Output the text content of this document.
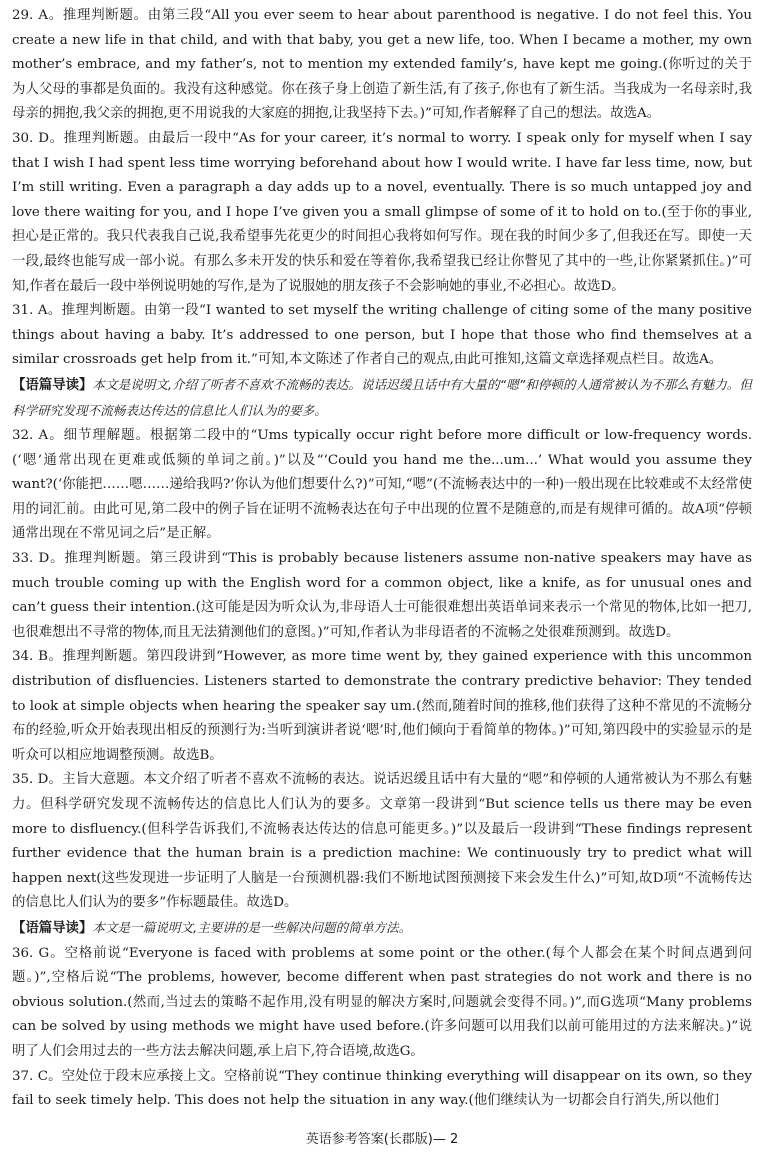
29. A。推理判断题。由第三段“All you ever seem to hear about parenthood is negative. I do not feel this. You create a new life in that child, and with that baby, you get a new life, too. When I became a mother, my own mother’s embrace, and my father’s, not to mention my extended family’s, have kept me going.(你听过的关于为人父母的事都是负面的。我没有这种感觉。你在孩子身上创造了新生活,有了孩子,你也有了新生活。当我成为一名母亲时,我母亲的拥抱,我父亲的拥抱,更不用说我的大家庭的拥抱,让我坚持下去。)”可知,作者解释了自己的想法。故选A。

30. D。推理判断题。由最后一段中“As for your career, it’s normal to worry. I speak only for myself when I say that I wish I had spent less time worrying beforehand about how I would write. I have far less time, now, but I’m still writing. Even a paragraph a day adds up to a novel, eventually. There is so much untapped joy and love there waiting for you, and I hope I’ve given you a small glimpse of some of it to hold on to.(至于你的事业,担心是正常的。我只代表我自己说,我希望事先花更少的时间担心我将如何写作。现在我的时间少多了,但我还在写。即使一天一段,最终也能写成一部小说。有那么多未开发的快乐和爱在等着你,我希望我已经让你瞥见了其中的一些,让你紧紧抓住。)”可知,作者在最后一段中举例说明她的写作,是为了说服她的朋友孩子不会影响她的事业,不必担心。故选D。

31. A。推理判断题。由第一段“I wanted to set myself the writing challenge of citing some of the many positive things about having a baby. It’s addressed to one person, but I hope that those who find themselves at a similar crossroads get help from it.”可知,本文陈述了作者自己的观点,由此可推知,这篇文章选择观点栏目。故选A。

【语篇导读】本文是说明文,介绍了听者不喜欢不流畅的表达。说话迟缓且话中有大量的“嗯”和停顿的人通常被认为不那么有魅力。但科学研究发现不流畅表达传达的信息比人们认为的要多。

32. A。细节理解题。根据第二段中的“Ums typically occur right before more difficult or low-frequency words.(‘嗯’通常出现在更难或低频的单词之前。)”以及“‘Could you hand me the...um...’ What would you assume they want?(‘你能把……嗯……递给我吗?’你认为他们想要什么?)”可知,“嗯”(不流畅表达中的一种)一般出现在比较难或不太经常使用的词汇前。由此可见,第二段中的例子旨在证明不流畅表达在句子中出现的位置不是随意的,而是有规律可循的。故A项“停顿通常出现在不常见词之后”是正解。

33. D。推理判断题。第三段讲到“This is probably because listeners assume non-native speakers may have as much trouble coming up with the English word for a common object, like a knife, as for unusual ones and can’t guess their intention.(这可能是因为听众认为,非母语人士可能很难想出英语单词来表示一个常见的物体,比如一把刀,也很难想出不寻常的物体,而且无法猜测他们的意图。)”可知,作者认为非母语者的不流畅之处很难预测到。故选D。

34. B。推理判断题。第四段讲到“However, as more time went by, they gained experience with this uncommon distribution of disfluencies. Listeners started to demonstrate the contrary predictive behavior: They tended to look at simple objects when hearing the speaker say um.(然而,随着时间的推移,他们获得了这种不常见的不流畅分布的经验,听众开始表现出相反的预测行为:当听到演讲者说‘嗯’时,他们倾向于看简单的物体。)”可知,第四段中的实验显示的是听众可以相应地调整预测。故选B。

35. D。主旨大意题。本文介绍了听者不喜欢不流畅的表达。说话迟缓且话中有大量的“嗯”和停顿的人通常被认为不那么有魅力。但科学研究发现不流畅传达的信息比人们认为的要多。文章第一段讲到“But science tells us there may be even more to disfluency.(但科学告诉我们,不流畅表达传达的信息可能更多。)”以及最后一段讲到“These findings represent further evidence that the human brain is a prediction machine: We continuously try to predict what will happen next(这些发现进一步证明了人脑是一台预测机器:我们不断地试图预测接下来会发生什么)”可知,故D项“不流畅传达的信息比人们认为的要多”作标题最佳。故选D。

【语篇导读】本文是一篇说明文,主要讲的是一些解决问题的简单方法。

36. G。空格前说“Everyone is faced with problems at some point or the other.(每个人都会在某个时间点遇到问题。)”,空格后说“The problems, however, become different when past strategies do not work and there is no obvious solution.(然而,当过去的策略不起作用,没有明显的解决方案时,问题就会变得不同。)”,而G选项“Many problems can be solved by using methods we might have used before.(许多问题可以用我们以前可能用过的方法来解决。)”说明了人们会用过去的一些方法去解决问题,承上启下,符合语境,故选G。

37. C。空处位于段末应承接上文。空格前说“They continue thinking everything will disappear on its own, so they fail to seek timely help. This does not help the situation in any way.(他们继续认为一切都会自行消失,所以他们

英语参考答案(长郡版)— 2
